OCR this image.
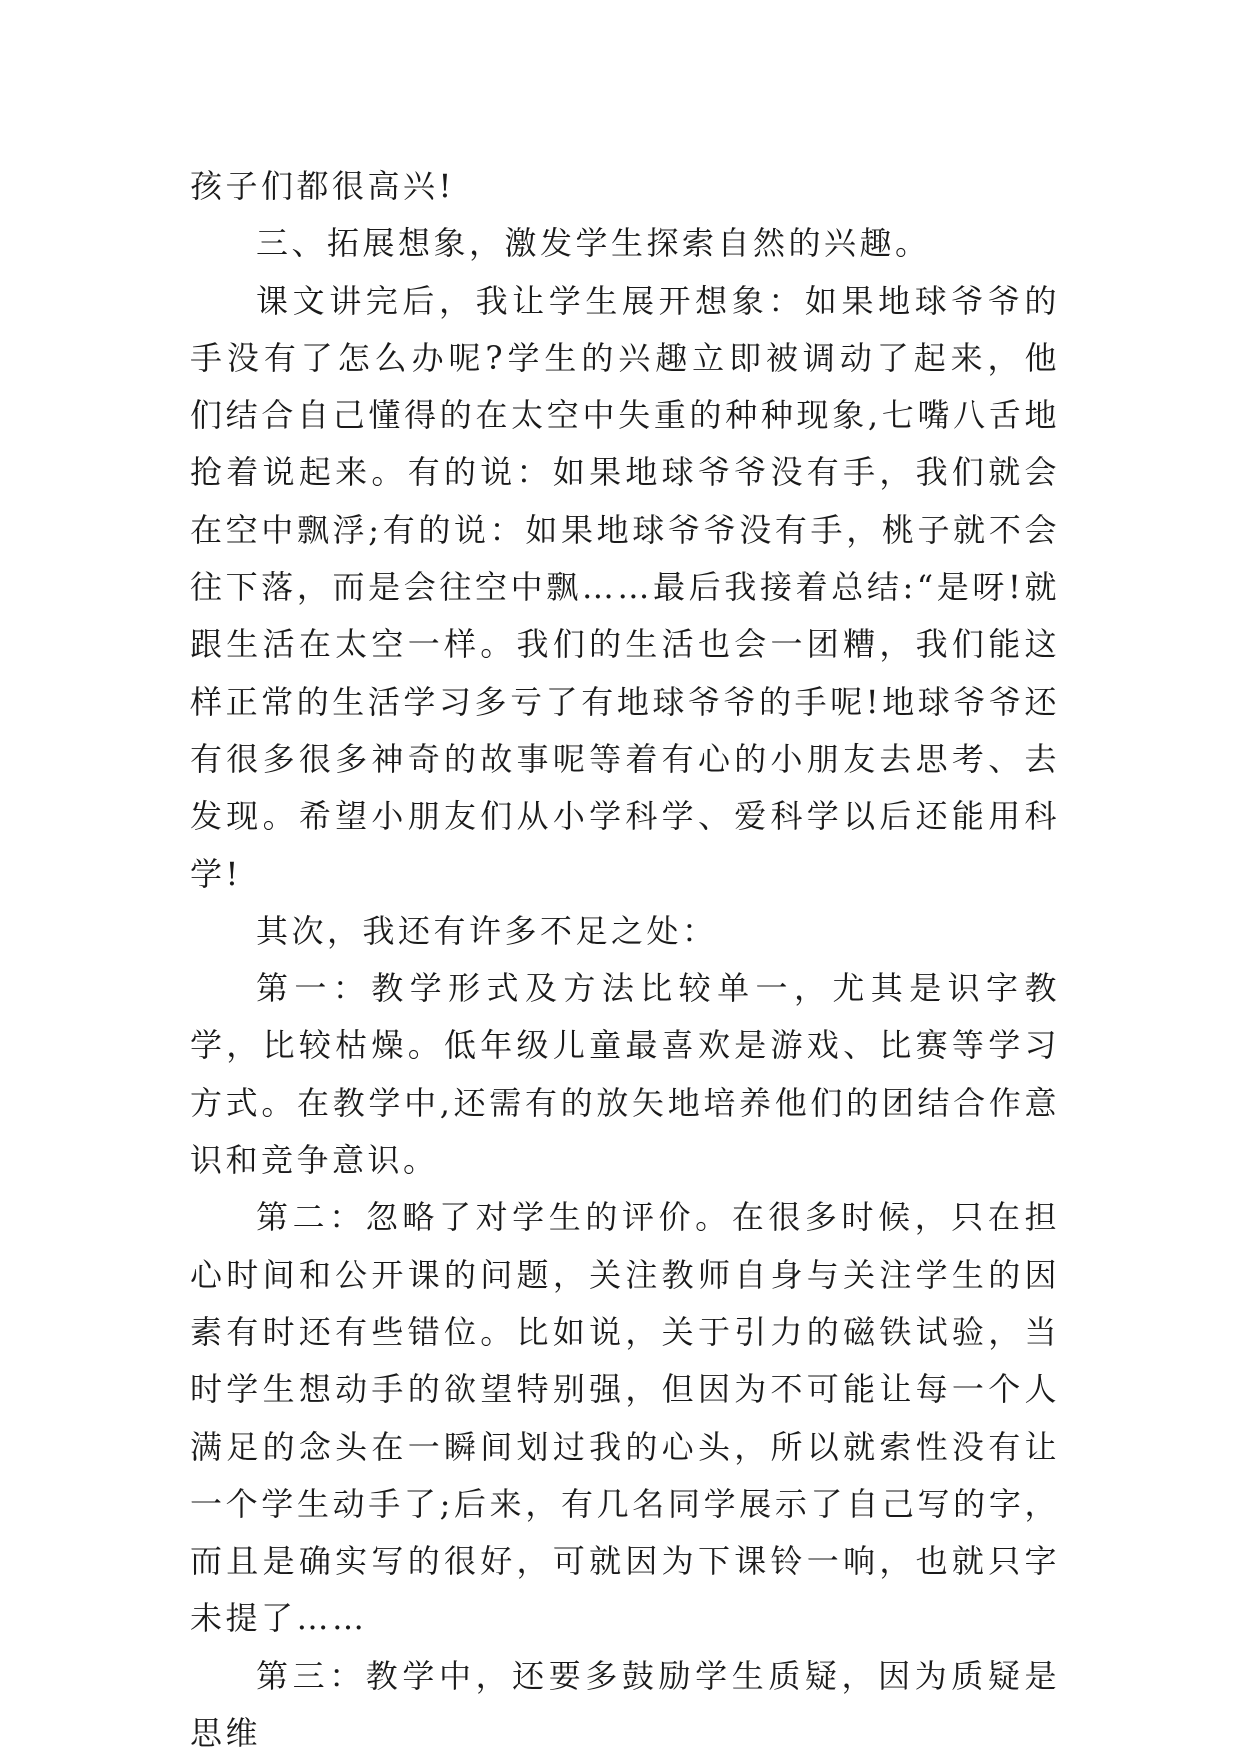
孩子们都很高兴!

三、拓展想象，激发学生探索自然的兴趣。

课文讲完后，我让学生展开想象：如果地球爷爷的手没有了怎么办呢?学生的兴趣立即被调动了起来，他们结合自己懂得的在太空中失重的种种现象,七嘴八舌地抢着说起来。有的说：如果地球爷爷没有手，我们就会在空中飘浮;有的说：如果地球爷爷没有手，桃子就不会往下落，而是会往空中飘……最后我接着总结:“是呀!就跟生活在太空一样。我们的生活也会一团糟，我们能这样正常的生活学习多亏了有地球爷爷的手呢!地球爷爷还有很多很多神奇的故事呢等着有心的小朋友去思考、去发现。希望小朋友们从小学科学、爱科学以后还能用科学!

其次，我还有许多不足之处：

第一：教学形式及方法比较单一，尤其是识字教学，比较枯燥。低年级儿童最喜欢是游戏、比赛等学习方式。在教学中,还需有的放矢地培养他们的团结合作意识和竞争意识。

第二：忽略了对学生的评价。在很多时候，只在担心时间和公开课的问题，关注教师自身与关注学生的因素有时还有些错位。比如说，关于引力的磁铁试验，当时学生想动手的欲望特别强，但因为不可能让每一个人满足的念头在一瞬间划过我的心头，所以就索性没有让一个学生动手了;后来，有几名同学展示了自己写的字，而且是确实写的很好，可就因为下课铃一响，也就只字未提了……

第三：教学中，还要多鼓励学生质疑，因为质疑是思维
